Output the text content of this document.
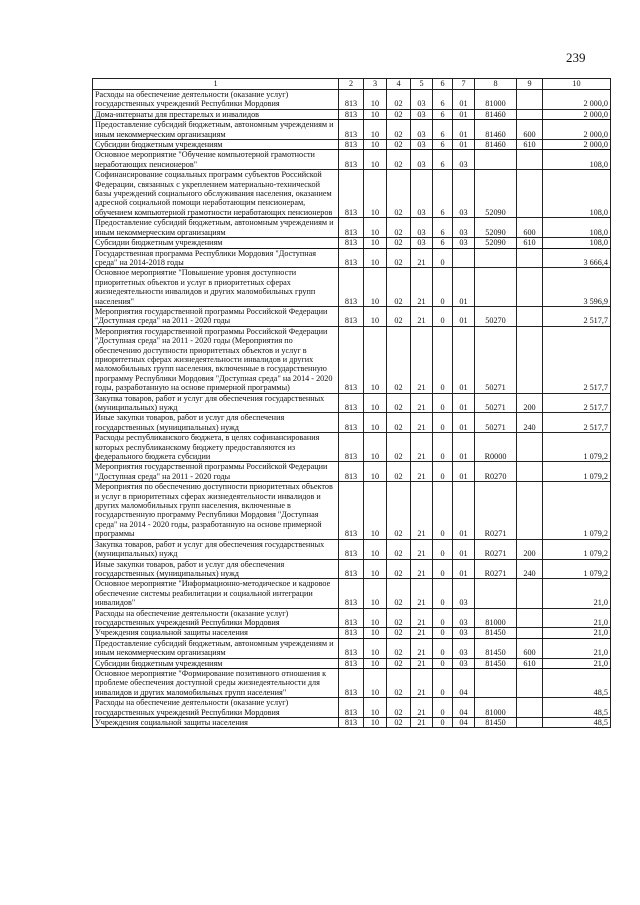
239
1	2	3	4	5	6	7	8	9	10
Расходы на обеспечение деятельности (оказание услуг) государственных учреждений Республики Мордовия	813	10	02	03	6	01	81000		2 000,0
Дома-интернаты для престарелых и инвалидов	813	10	02	03	6	01	81460		2 000,0
Предоставление субсидий бюджетным, автономным учреждениям и иным некоммерческим организациям	813	10	02	03	6	01	81460	600	2 000,0
Субсидии бюджетным учреждениям	813	10	02	03	6	01	81460	610	2 000,0
Основное мероприятие "Обучение компьютерной грамотности неработающих пенсионеров"	813	10	02	03	6	03			108,0
Софинансирование социальных программ субъектов Российской Федерации, связанных с укреплением материально-технической базы учреждений социального обслуживания населения, оказанием адресной социальной помощи неработающим пенсионерам, обучением компьютерной грамотности неработающих пенсионеров	813	10	02	03	6	03	52090		108,0
Предоставление субсидий бюджетным, автономным учреждениям и иным некоммерческим организациям	813	10	02	03	6	03	52090	600	108,0
Субсидии бюджетным учреждениям	813	10	02	03	6	03	52090	610	108,0
Государственная программа Республики Мордовия "Доступная среда" на 2014-2018 годы	813	10	02	21	0				3 666,4
Основное мероприятие "Повышение уровня доступности приоритетных объектов и услуг в приоритетных сферах жизнедеятельности инвалидов и других маломобильных групп населения"	813	10	02	21	0	01			3 596,9
Мероприятия государственной программы Российской Федерации "Доступная среда" на 2011 - 2020 годы	813	10	02	21	0	01	50270		2 517,7
Мероприятия государственной программы Российской Федерации "Доступная среда" на 2011 - 2020 годы (Мероприятия по обеспечению доступности приоритетных объектов и услуг в приоритетных сферах жизнедеятельности инвалидов и других маломобильных групп населения, включенные в государственную программу Республики Мордовия "Доступная среда" на 2014 - 2020 годы, разработанную на основе примерной программы)	813	10	02	21	0	01	50271		2 517,7
Закупка товаров, работ и услуг для обеспечения государственных (муниципальных) нужд	813	10	02	21	0	01	50271	200	2 517,7
Иные закупки товаров, работ и услуг для обеспечения государственных (муниципальных) нужд	813	10	02	21	0	01	50271	240	2 517,7
Расходы республиканского бюджета, в целях софинансирования которых республиканскому бюджету предоставляются из федерального бюджета субсидии	813	10	02	21	0	01	R0000		1 079,2
Мероприятия государственной программы Российской Федерации "Доступная среда" на 2011 - 2020 годы	813	10	02	21	0	01	R0270		1 079,2
Мероприятия по обеспечению доступности приоритетных объектов и услуг в приоритетных сферах жизнедеятельности инвалидов и других маломобильных групп населения, включенные в государственную программу Республики Мордовия "Доступная среда" на 2014 - 2020 годы, разработанную на основе примерной программы	813	10	02	21	0	01	R0271		1 079,2
Закупка товаров, работ и услуг для обеспечения государственных (муниципальных) нужд	813	10	02	21	0	01	R0271	200	1 079,2
Иные закупки товаров, работ и услуг для обеспечения государственных (муниципальных) нужд	813	10	02	21	0	01	R0271	240	1 079,2
Основное мероприятие "Информационно-методическое и кадровое обеспечение системы реабилитации и социальной интеграции инвалидов"	813	10	02	21	0	03			21,0
Расходы на обеспечение деятельности (оказание услуг) государственных учреждений Республики Мордовия	813	10	02	21	0	03	81000		21,0
Учреждения социальной защиты населения	813	10	02	21	0	03	81450		21,0
Предоставление субсидий бюджетным, автономным учреждениям и иным некоммерческим организациям	813	10	02	21	0	03	81450	600	21,0
Субсидии бюджетным учреждениям	813	10	02	21	0	03	81450	610	21,0
Основное мероприятие "Формирование позитивного отношения к проблеме обеспечения доступной среды жизнедеятельности для инвалидов и других маломобильных групп населения"	813	10	02	21	0	04			48,5
Расходы на обеспечение деятельности (оказание услуг) государственных учреждений Республики Мордовия	813	10	02	21	0	04	81000		48,5
Учреждения социальной защиты населения	813	10	02	21	0	04	81450		48,5
